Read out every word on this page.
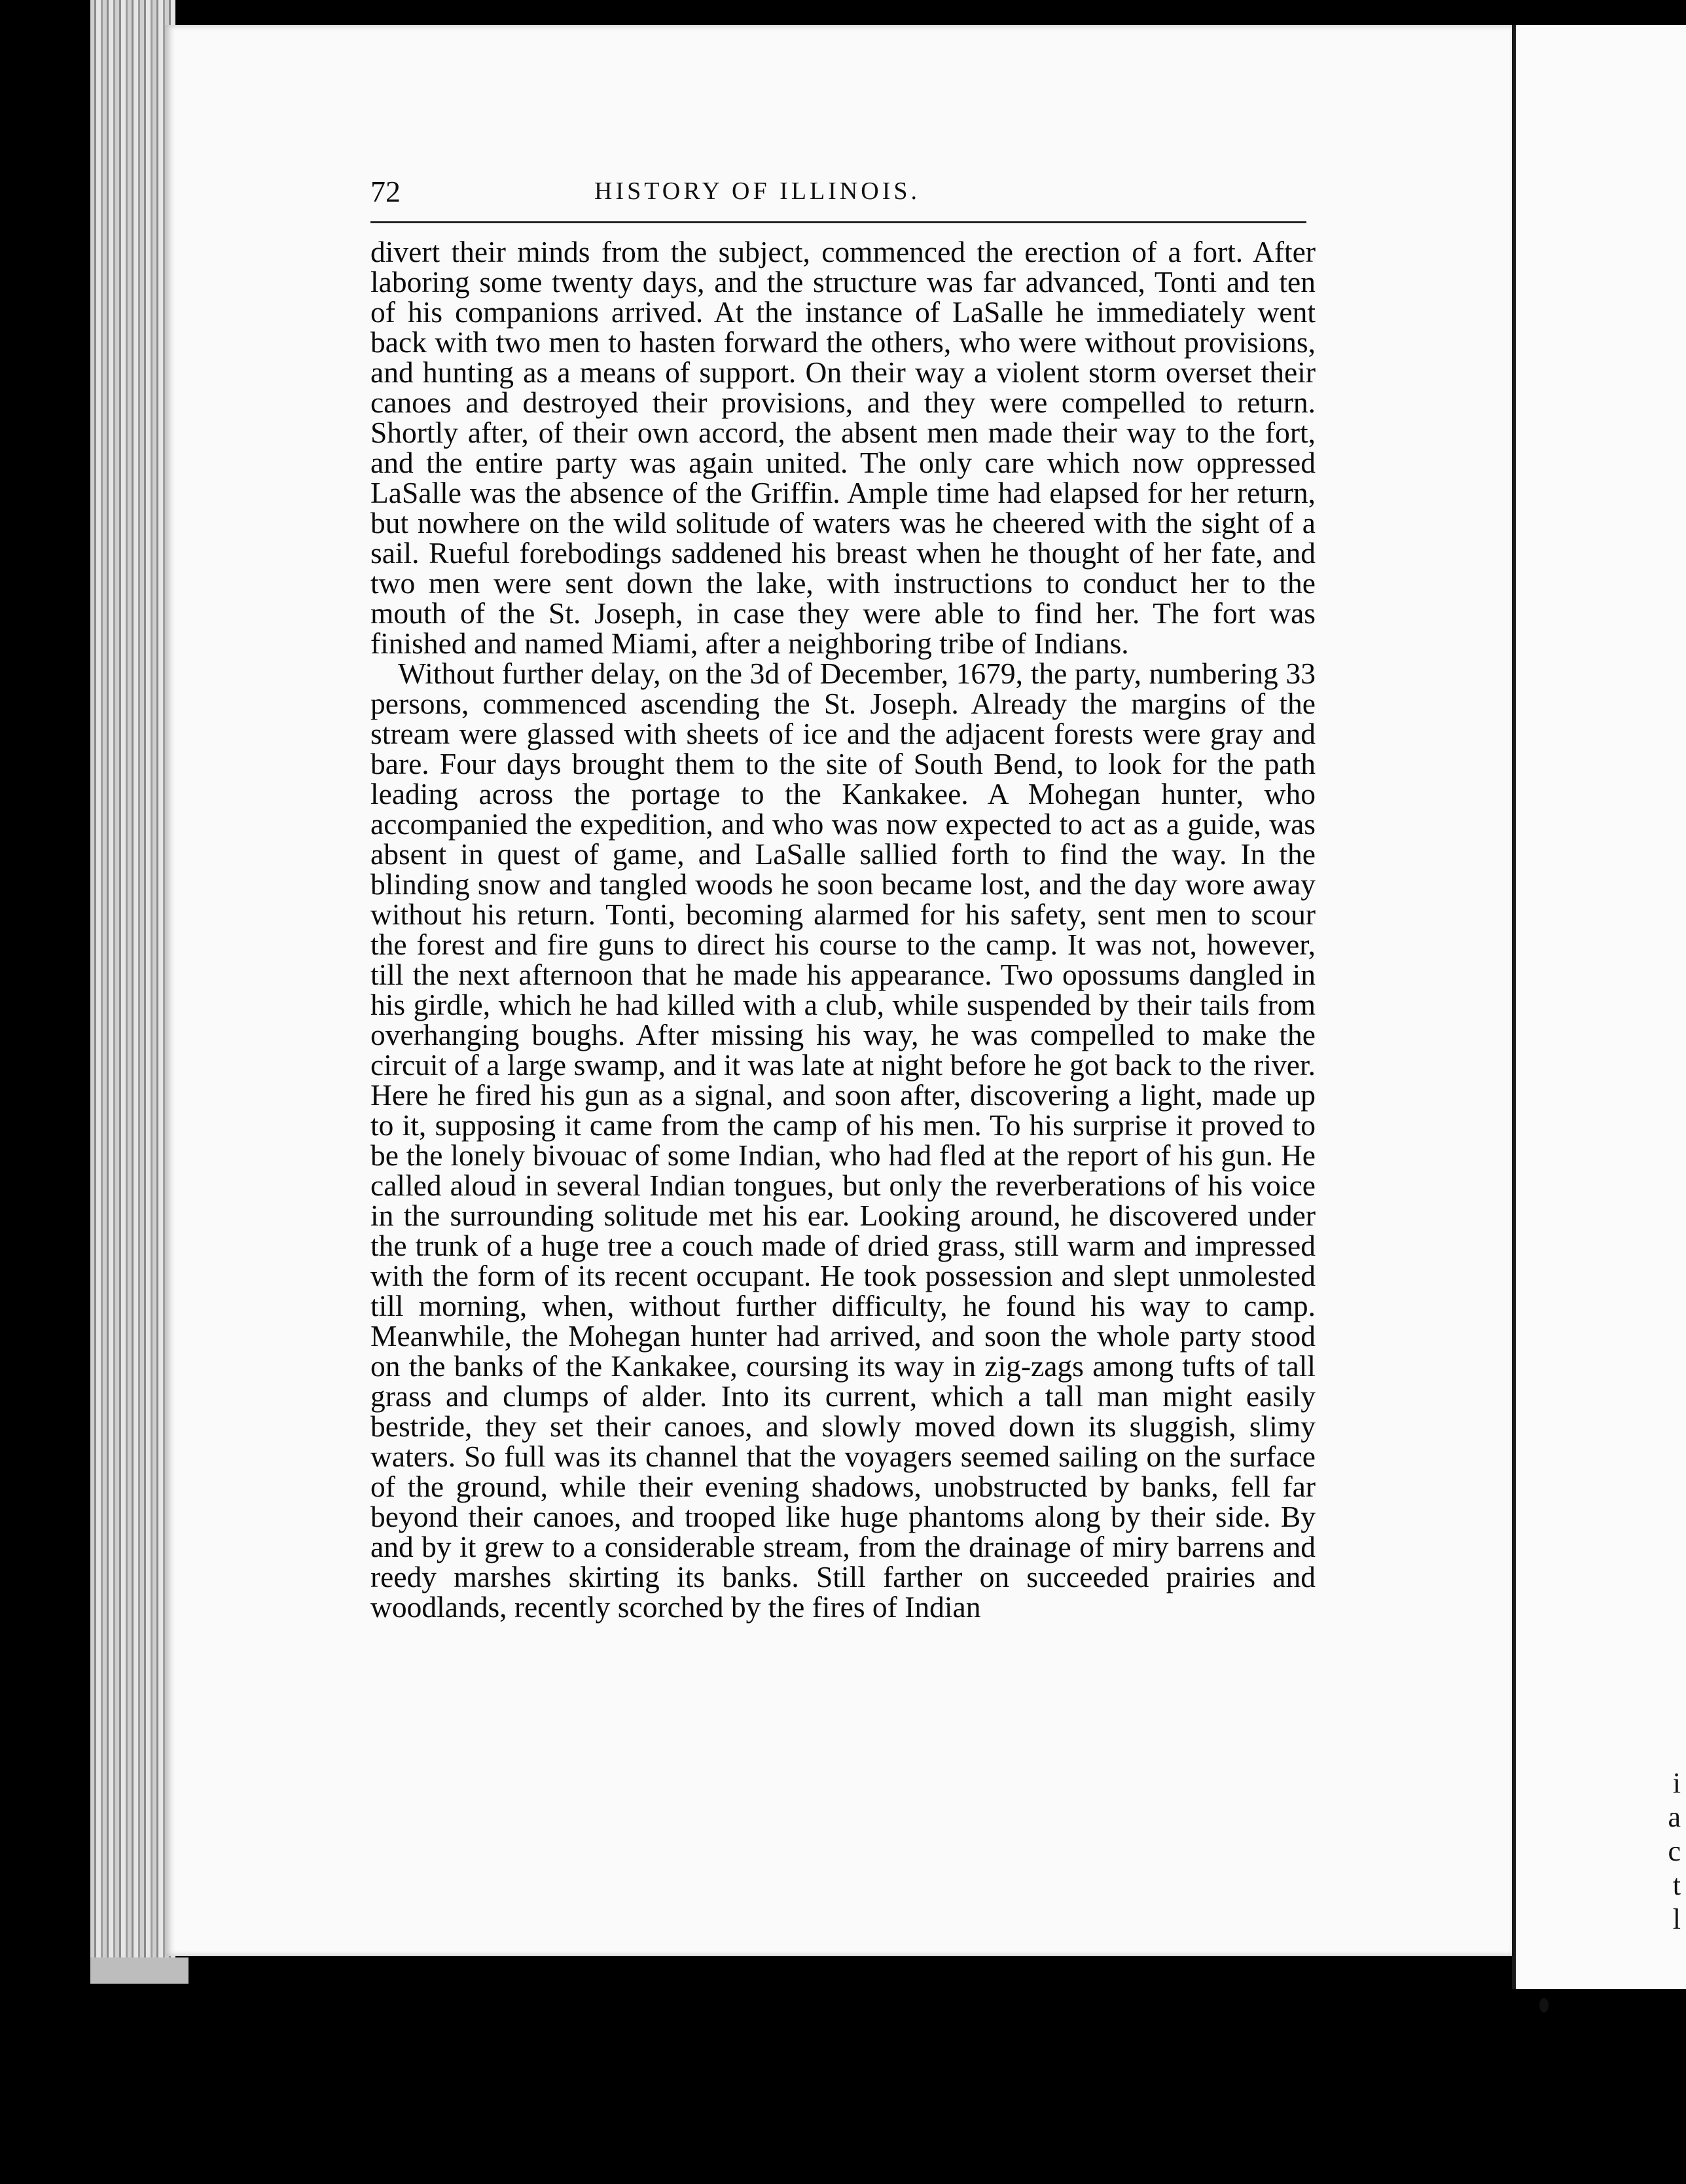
i
a
c
t
l
72	HISTORY OF ILLINOIS.

divert their minds from the subject, commenced the erection of a fort. After laboring some twenty days, and the structure was far advanced, Tonti and ten of his companions arrived. At the instance of LaSalle he immediately went back with two men to hasten forward the others, who were without provisions, and hunting as a means of support. On their way a violent storm overset their canoes and destroyed their provisions, and they were compelled to return. Shortly after, of their own accord, the absent men made their way to the fort, and the entire party was again united. The only care which now oppressed LaSalle was the absence of the Griffin. Ample time had elapsed for her return, but nowhere on the wild solitude of waters was he cheered with the sight of a sail. Rueful forebodings saddened his breast when he thought of her fate, and two men were sent down the lake, with instructions to conduct her to the mouth of the St. Joseph, in case they were able to find her. The fort was finished and named Miami, after a neighboring tribe of Indians.

Without further delay, on the 3d of December, 1679, the party, numbering 33 persons, commenced ascending the St. Joseph. Already the margins of the stream were glassed with sheets of ice and the adjacent forests were gray and bare. Four days brought them to the site of South Bend, to look for the path leading across the portage to the Kankakee. A Mohegan hunter, who accompanied the expedition, and who was now expected to act as a guide, was absent in quest of game, and LaSalle sallied forth to find the way. In the blinding snow and tangled woods he soon became lost, and the day wore away without his return. Tonti, becoming alarmed for his safety, sent men to scour the forest and fire guns to direct his course to the camp. It was not, however, till the next afternoon that he made his appearance. Two opossums dangled in his girdle, which he had killed with a club, while suspended by their tails from overhanging boughs. After missing his way, he was compelled to make the circuit of a large swamp, and it was late at night before he got back to the river. Here he fired his gun as a signal, and soon after, discovering a light, made up to it, supposing it came from the camp of his men. To his surprise it proved to be the lonely bivouac of some Indian, who had fled at the report of his gun. He called aloud in several Indian tongues, but only the reverberations of his voice in the surrounding solitude met his ear. Looking around, he discovered under the trunk of a huge tree a couch made of dried grass, still warm and impressed with the form of its recent occupant. He took possession and slept unmolested till morning, when, without further difficulty, he found his way to camp. Meanwhile, the Mohegan hunter had arrived, and soon the whole party stood on the banks of the Kankakee, coursing its way in zig-zags among tufts of tall grass and clumps of alder. Into its current, which a tall man might easily bestride, they set their canoes, and slowly moved down its sluggish, slimy waters. So full was its channel that the voyagers seemed sailing on the surface of the ground, while their evening shadows, unobstructed by banks, fell far beyond their canoes, and trooped like huge phantoms along by their side. By and by it grew to a considerable stream, from the drainage of miry barrens and reedy marshes skirting its banks. Still farther on succeeded prairies and woodlands, recently scorched by the fires of Indian
